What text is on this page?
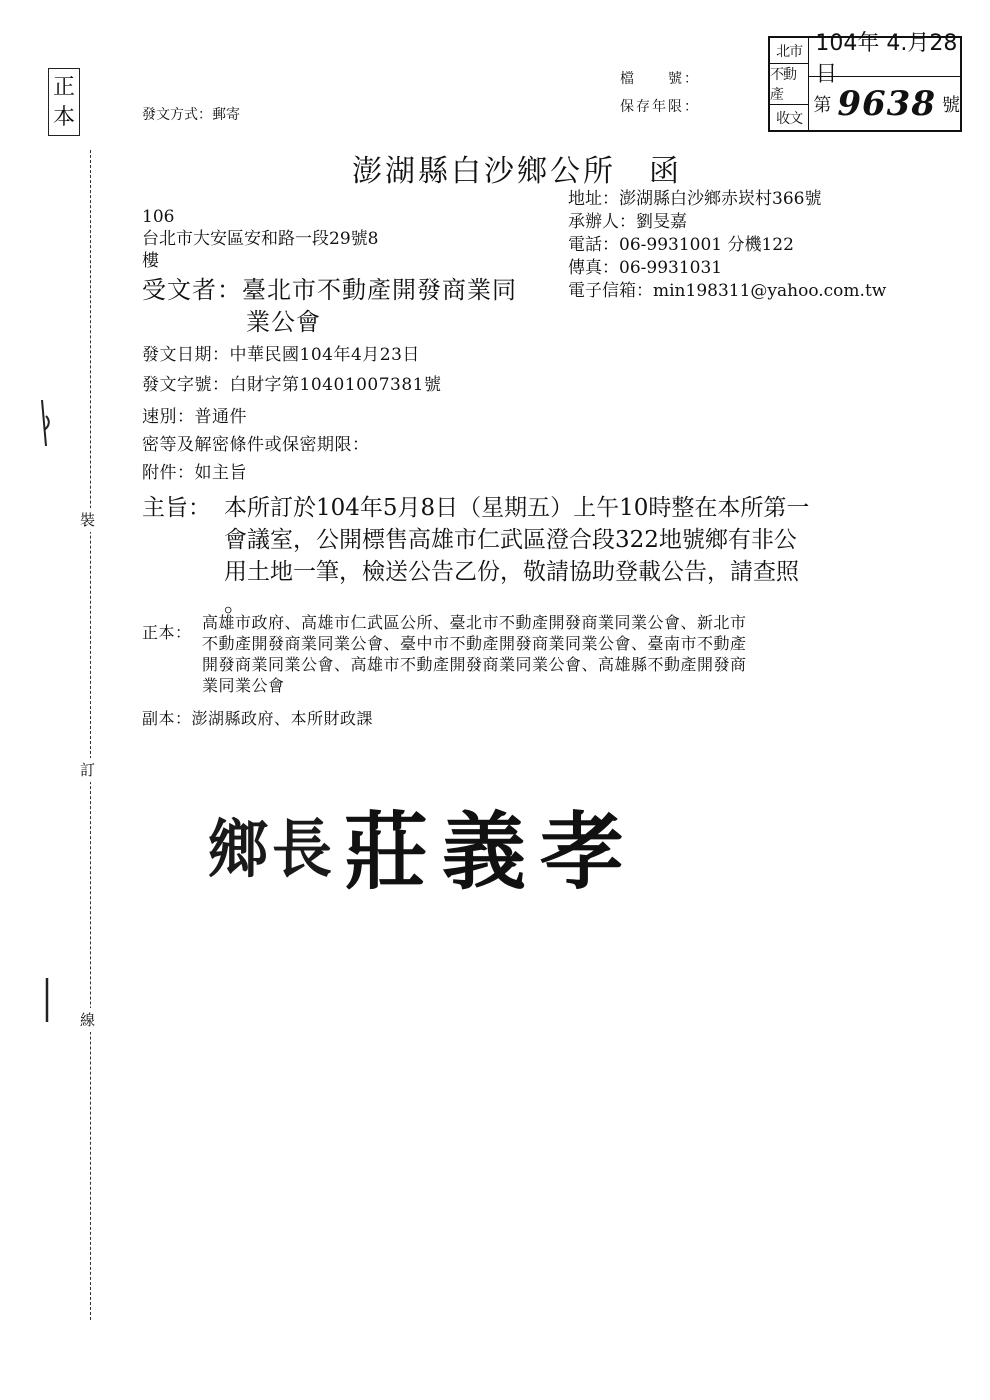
正本
裝
訂
線
發文方式：郵寄
檔　　號：
保存年限：
北市
不動產
收文
104年 4.月28日
第 9638 號
澎湖縣白沙鄉公所　函
地址：澎湖縣白沙鄉赤崁村366號
承辦人：劉旻嘉
電話：06-9931001 分機122
傳真：06-9931031
電子信箱：min198311@yahoo.com.tw
106
台北市大安區安和路一段29號8
樓
受文者：臺北市不動產開發商業同
業公會
發文日期：中華民國104年4月23日
發文字號：白財字第10401007381號
速別：普通件
密等及解密條件或保密期限：
附件：如主旨
主旨： 本所訂於104年5月8日（星期五）上午10時整在本所第一
會議室，公開標售高雄市仁武區澄合段322地號鄉有非公
用土地一筆，檢送公告乙份，敬請協助登載公告，請查照
。
正本：
高雄市政府、高雄市仁武區公所、臺北市不動產開發商業同業公會、新北市
不動產開發商業同業公會、臺中市不動產開發商業同業公會、臺南市不動產
開發商業同業公會、高雄市不動產開發商業同業公會、高雄縣不動產開發商
業同業公會
副本：澎湖縣政府、本所財政課
鄉長 莊義孝
